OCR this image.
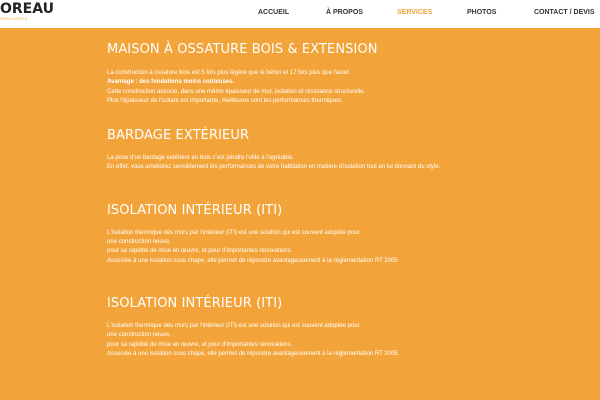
OREAU
MENUISERIE
ACCUEIL	À PROPOS	SERVICES	PHOTOS	CONTACT / DEVIS
MAISON À OSSATURE BOIS & EXTENSION

La construction à ossature bois est 5 fois plus légère que le béton et 17 fois plus que l'acier.

Avantage : des fondations moins coûteuses.

Cette construction associe, dans une même épaisseur de mur, isolation et résistance structurelle.

Plus l'épaisseur de l'isolant est importante, meilleures sont les performances thermiques.

BARDAGE EXTÉRIEUR

La pose d'un bardage extérieur en bois c'est joindre l'utile à l'agréable.

En effet, vous améliorez sensiblement les performances de votre habitation en matière d'isolation tout en lui donnant du style.

ISOLATION INTÉRIEUR (ITI)

L'isolation thermique des murs par l'intérieur (ITI) est une solution qui est souvent adoptée pour une construction neuve,

pour sa rapidité de mise en œuvre, et pour d'importantes rénovations.

Associée à une isolation sous chape, elle permet de répondre avantageusement à la réglementation RT 2005 .

ISOLATION INTÉRIEUR (ITI)

L'isolation thermique des murs par l'intérieur (ITI) est une solution qui est souvent adoptée pour une construction neuve,

pour sa rapidité de mise en œuvre, et pour d'importantes rénovations.

Associée à une isolation sous chape, elle permet de répondre avantageusement à la réglementation RT 2005.
